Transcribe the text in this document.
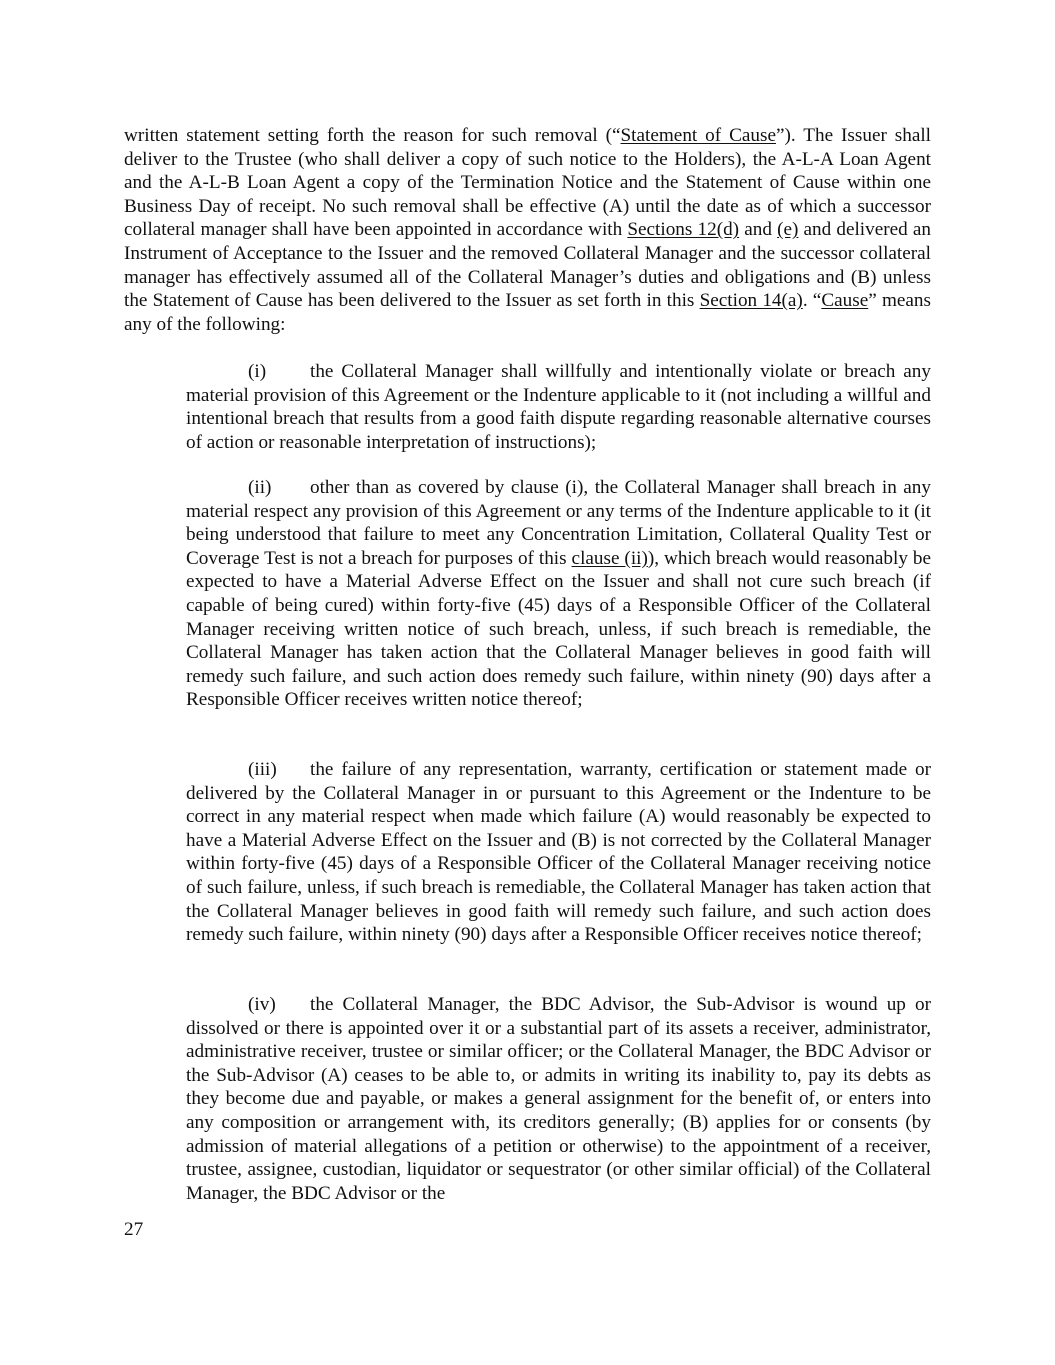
written statement setting forth the reason for such removal (“Statement of Cause”). The Issuer shall deliver to the Trustee (who shall deliver a copy of such notice to the Holders), the A-L-A Loan Agent and the A-L-B Loan Agent a copy of the Termination Notice and the Statement of Cause within one Business Day of receipt. No such removal shall be effective (A) until the date as of which a successor collateral manager shall have been appointed in accordance with Sections 12(d) and (e) and delivered an Instrument of Acceptance to the Issuer and the removed Collateral Manager and the successor collateral manager has effectively assumed all of the Collateral Manager’s duties and obligations and (B) unless the Statement of Cause has been delivered to the Issuer as set forth in this Section 14(a). “Cause” means any of the following:

(i) the Collateral Manager shall willfully and intentionally violate or breach any material provision of this Agreement or the Indenture applicable to it (not including a willful and intentional breach that results from a good faith dispute regarding reasonable alternative courses of action or reasonable interpretation of instructions);

(ii) other than as covered by clause (i), the Collateral Manager shall breach in any material respect any provision of this Agreement or any terms of the Indenture applicable to it (it being understood that failure to meet any Concentration Limitation, Collateral Quality Test or Coverage Test is not a breach for purposes of this clause (ii)), which breach would reasonably be expected to have a Material Adverse Effect on the Issuer and shall not cure such breach (if capable of being cured) within forty-five (45) days of a Responsible Officer of the Collateral Manager receiving written notice of such breach, unless, if such breach is remediable, the Collateral Manager has taken action that the Collateral Manager believes in good faith will remedy such failure, and such action does remedy such failure, within ninety (90) days after a Responsible Officer receives written notice thereof;

(iii) the failure of any representation, warranty, certification or statement made or delivered by the Collateral Manager in or pursuant to this Agreement or the Indenture to be correct in any material respect when made which failure (A) would reasonably be expected to have a Material Adverse Effect on the Issuer and (B) is not corrected by the Collateral Manager within forty-five (45) days of a Responsible Officer of the Collateral Manager receiving notice of such failure, unless, if such breach is remediable, the Collateral Manager has taken action that the Collateral Manager believes in good faith will remedy such failure, and such action does remedy such failure, within ninety (90) days after a Responsible Officer receives notice thereof;

(iv) the Collateral Manager, the BDC Advisor, the Sub-Advisor is wound up or dissolved or there is appointed over it or a substantial part of its assets a receiver, administrator, administrative receiver, trustee or similar officer; or the Collateral Manager, the BDC Advisor or the Sub-Advisor (A) ceases to be able to, or admits in writing its inability to, pay its debts as they become due and payable, or makes a general assignment for the benefit of, or enters into any composition or arrangement with, its creditors generally; (B) applies for or consents (by admission of material allegations of a petition or otherwise) to the appointment of a receiver, trustee, assignee, custodian, liquidator or sequestrator (or other similar official) of the Collateral Manager, the BDC Advisor or the

27
